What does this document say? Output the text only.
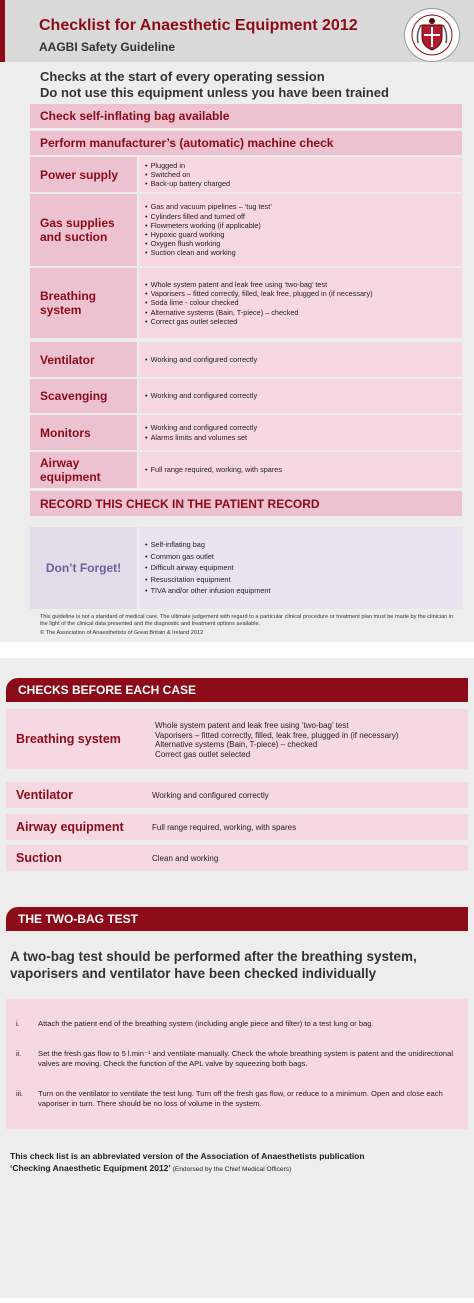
Checklist for Anaesthetic Equipment 2012
AAGBI Safety Guideline
Checks at the start of every operating session
Do not use this equipment unless you have been trained
Check self-inflating bag available
Perform manufacturer’s (automatic) machine check
Power supply
• Plugged in
• Switched on
• Back-up battery charged
Gas supplies and suction
• Gas and vacuum pipelines – ‘tug test’
• Cylinders filled and turned off
• Flowmeters working (if applicable)
• Hypoxic guard working
• Oxygen flush working
• Suction clean and working
Breathing system
• Whole system patent and leak free using ‘two-bag’ test
• Vaporisers – fitted correctly, filled, leak free, plugged in (if necessary)
• Soda lime - colour checked
• Alternative systems (Bain, T-piece) – checked
• Correct gas outlet selected
Ventilator	• Working and configured correctly
Scavenging	• Working and configured correctly
Monitors	• Working and configured correctly
• Alarms limits and volumes set
Airway equipment
• Full range required, working, with spares
RECORD THIS CHECK IN THE PATIENT RECORD
Don’t Forget!
• Self-inflating bag
• Common gas outlet
• Difficult airway equipment
• Resuscitation equipment
• TIVA and/or other infusion equipment
This guideline is not a standard of medical care. The ultimate judgement with regard to a particular clinical procedure or treatment plan must be made by the clinician in the light of the clinical data presented and the diagnostic and treatment options available.
© The Association of Anaesthetists of Great Britain & Ireland 2012
CHECKS BEFORE EACH CASE
Breathing system
Whole system patent and leak free using ‘two-bag’ test
Vaporisers – fitted correctly, filled, leak free, plugged in (if necessary)
Alternative systems (Bain, T-piece) – checked
Correct gas outlet selected
Ventilator	Working and configured correctly
Airway equipment	Full range required, working, with spares
Suction	Clean and working
THE TWO-BAG TEST
A two-bag test should be performed after the breathing system, vaporisers and ventilator have been checked individually
i.	Attach the patient end of the breathing system (including angle piece and filter) to a test lung or bag.
ii.	Set the fresh gas flow to 5 l.min⁻¹ and ventilate manually. Check the whole breathing system is patent and the unidirectional valves are moving. Check the function of the APL valve by squeezing both bags.
iii.	Turn on the ventilator to ventilate the test lung. Turn off the fresh gas flow, or reduce to a minimum. Open and close each vaporiser in turn. There should be no loss of volume in the system.
This check list is an abbreviated version of the Association of Anaesthetists publication
‘Checking Anaesthetic Equipment 2012’ (Endorsed by the Chief Medical Officers)
